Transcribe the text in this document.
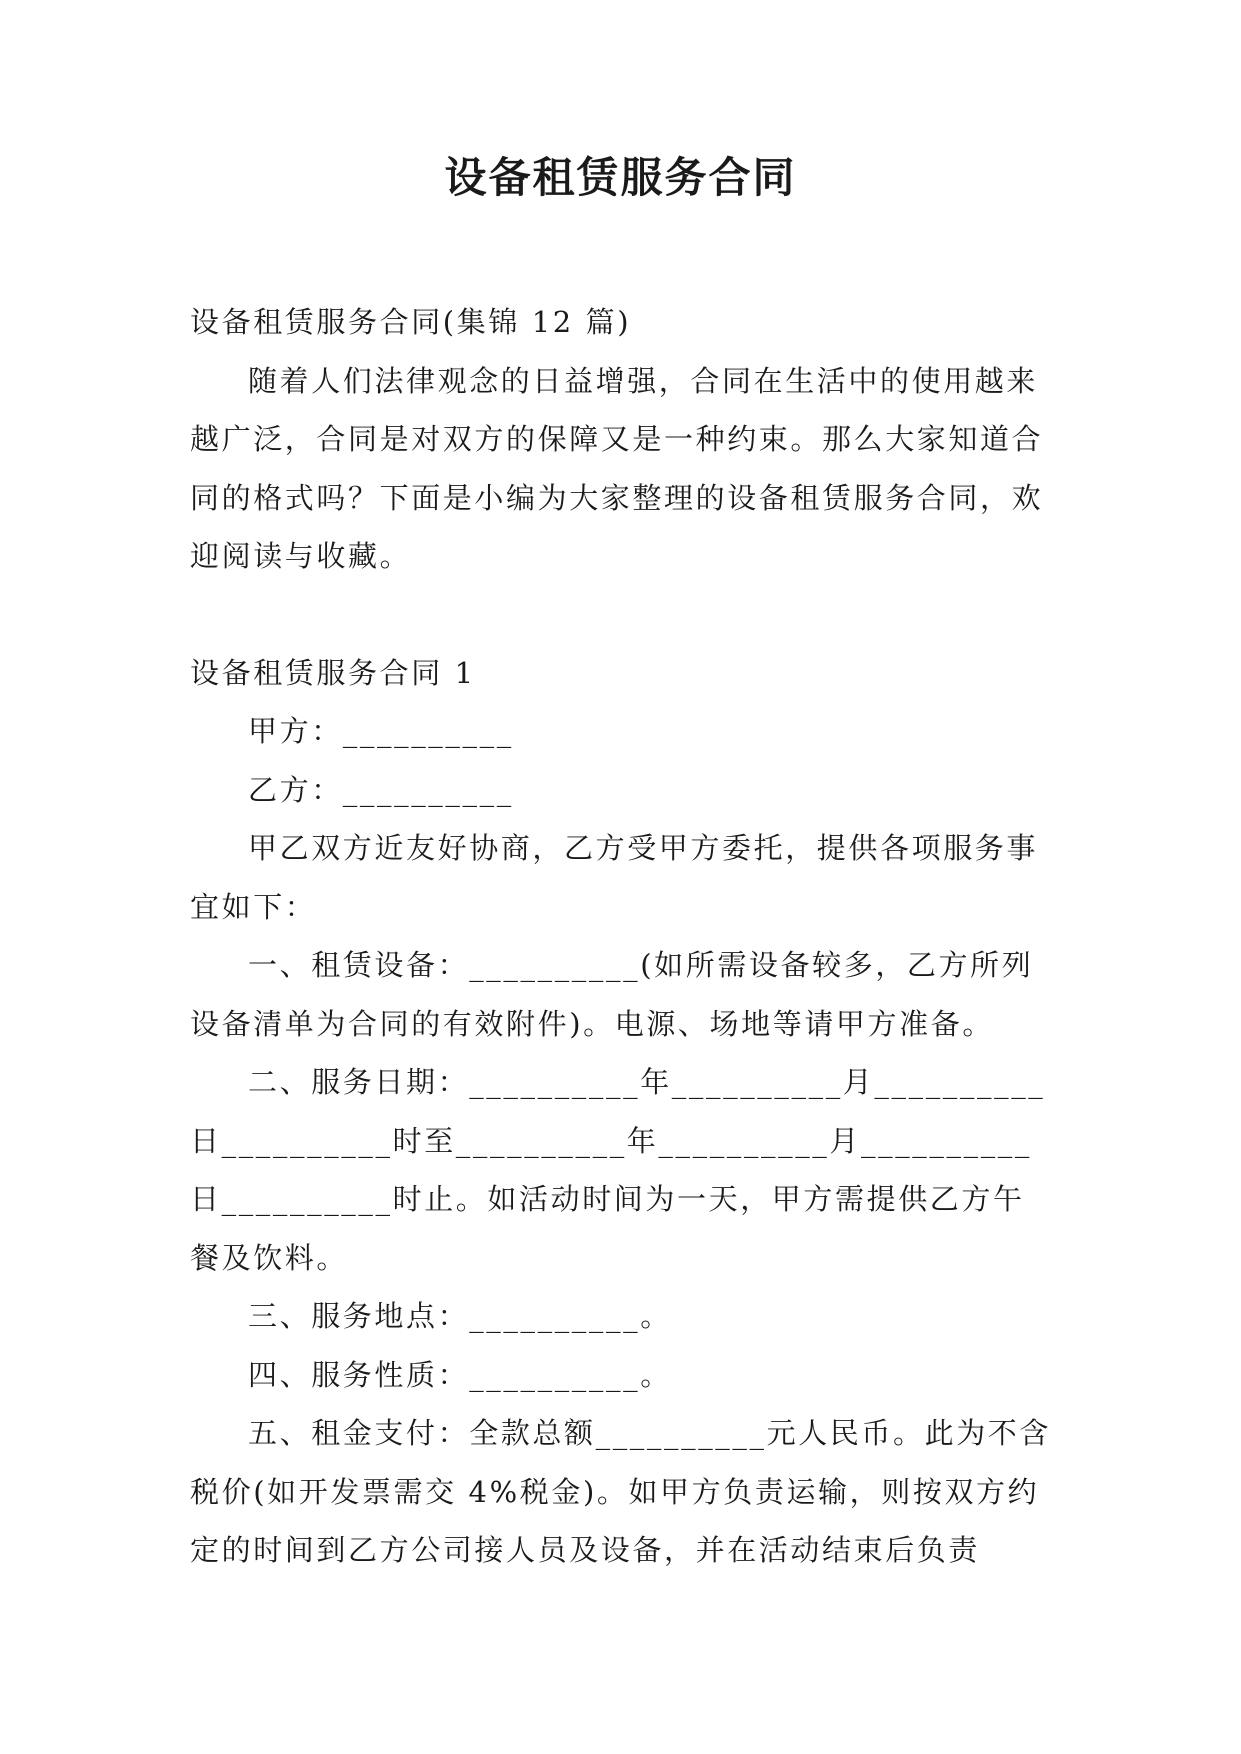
设备租赁服务合同

设备租赁服务合同(集锦 12 篇)

随着人们法律观念的日益增强，合同在生活中的使用越来越广泛，合同是对双方的保障又是一种约束。那么大家知道合同的格式吗？下面是小编为大家整理的设备租赁服务合同，欢迎阅读与收藏。

设备租赁服务合同 1

甲方：__________

乙方：__________

甲乙双方近友好协商，乙方受甲方委托，提供各项服务事宜如下：

一、租赁设备：__________(如所需设备较多，乙方所列设备清单为合同的有效附件)。电源、场地等请甲方准备。

二、服务日期：__________年__________月__________日__________时至__________年__________月__________日__________时止。如活动时间为一天，甲方需提供乙方午餐及饮料。

三、服务地点：__________。

四、服务性质：__________。

五、租金支付：全款总额__________元人民币。此为不含税价(如开发票需交 4%税金)。如甲方负责运输，则按双方约定的时间到乙方公司接人员及设备，并在活动结束后负责
